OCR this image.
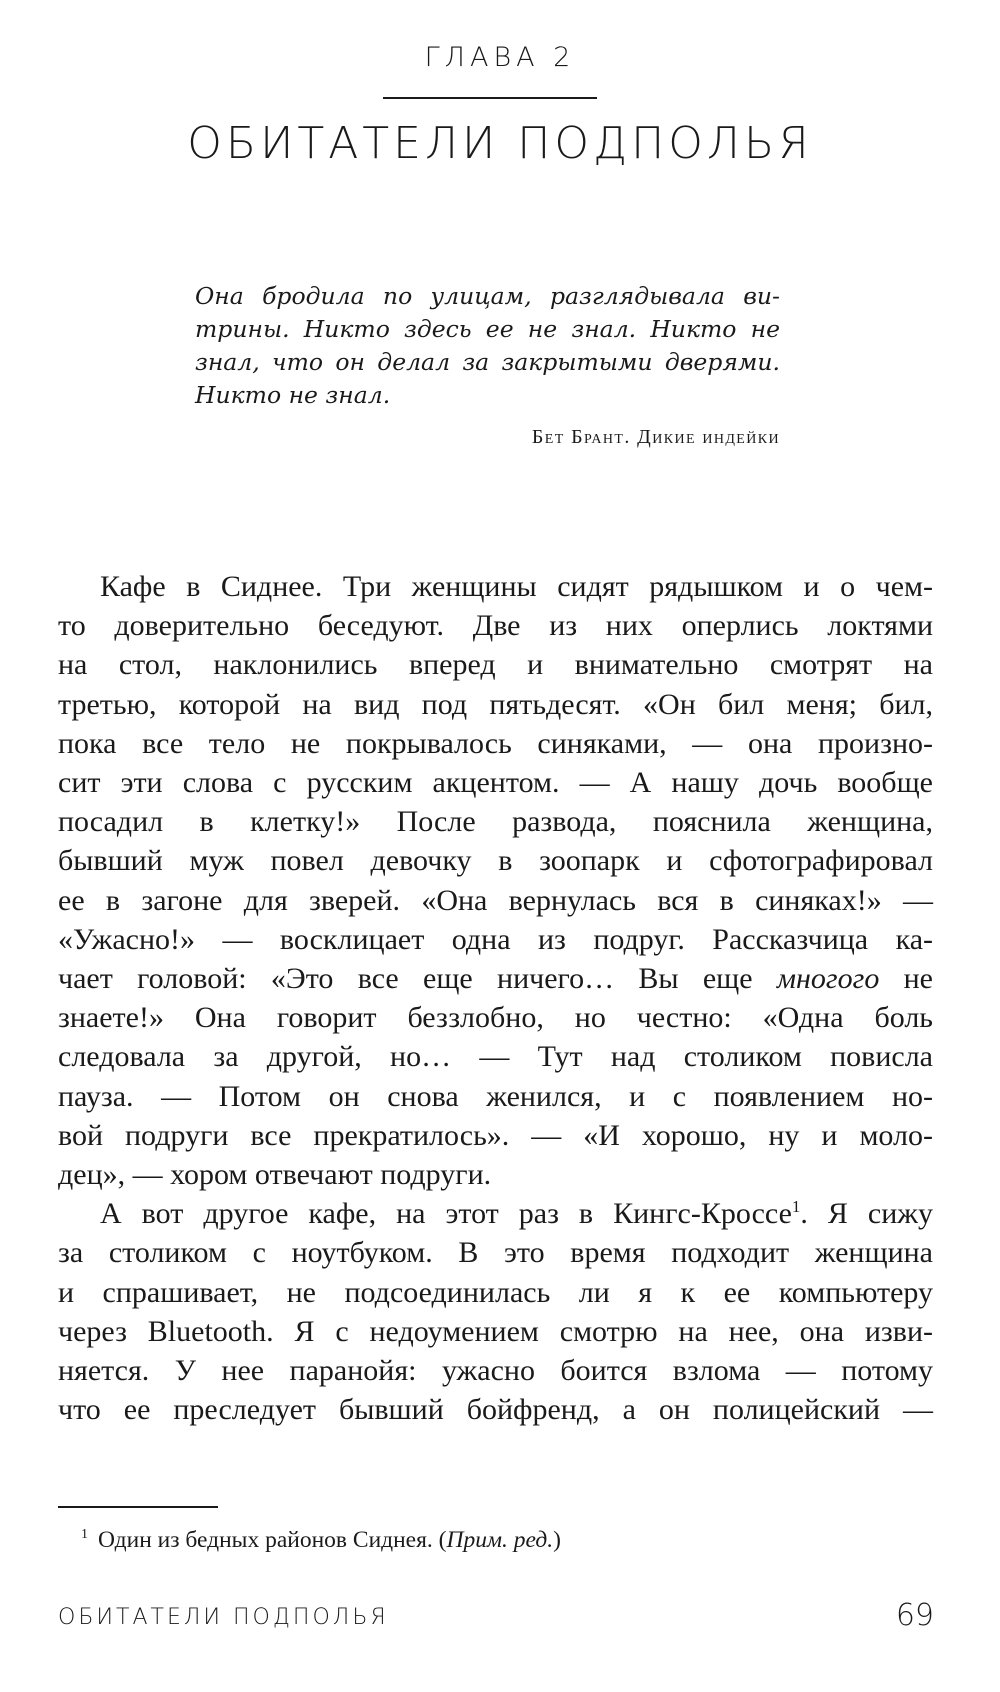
ГЛАВА 2
ОБИТАТЕЛИ ПОДПОЛЬЯ
Она бродила по улицам, разглядывала ви-
трины. Никто здесь ее не знал. Никто не
знал, что он делал за закрытыми дверями.
Никто не знал.
Бет Брант. Дикие индейки
Кафе в Сиднее. Три женщины сидят рядышком и о чем-
то доверительно беседуют. Две из них оперлись локтями
на стол, наклонились вперед и внимательно смотрят на
третью, которой на вид под пятьдесят. «Он бил меня; бил,
пока все тело не покрывалось синяками, — она произно-
сит эти слова с русским акцентом. — А нашу дочь вообще
посадил в клетку!» После развода, пояснила женщина,
бывший муж повел девочку в зоопарк и сфотографировал
ее в загоне для зверей. «Она вернулась вся в синяках!» —
«Ужасно!» — восклицает одна из подруг. Рассказчица ка-
чает головой: «Это все еще ничего… Вы еще многого не
знаете!» Она говорит беззлобно, но честно: «Одна боль
следовала за другой, но… — Тут над столиком повисла
пауза. — Потом он снова женился, и с появлением но-
вой подруги все прекратилось». — «И хорошо, ну и моло-
дец», — хором отвечают подруги.
А вот другое кафе, на этот раз в Кингс-Кроссе$^1$. Я сижу
за столиком с ноутбуком. В это время подходит женщина
и спрашивает, не подсоединилась ли я к ее компьютеру
через Bluetooth. Я с недоумением смотрю на нее, она изви-
няется. У нее паранойя: ужасно боится взлома — потому
что ее преследует бывший бойфренд, а он полицейский —
$^1$ Один из бедных районов Сиднея. (Прим. ред.)
ОБИТАТЕЛИ ПОДПОЛЬЯ	69
